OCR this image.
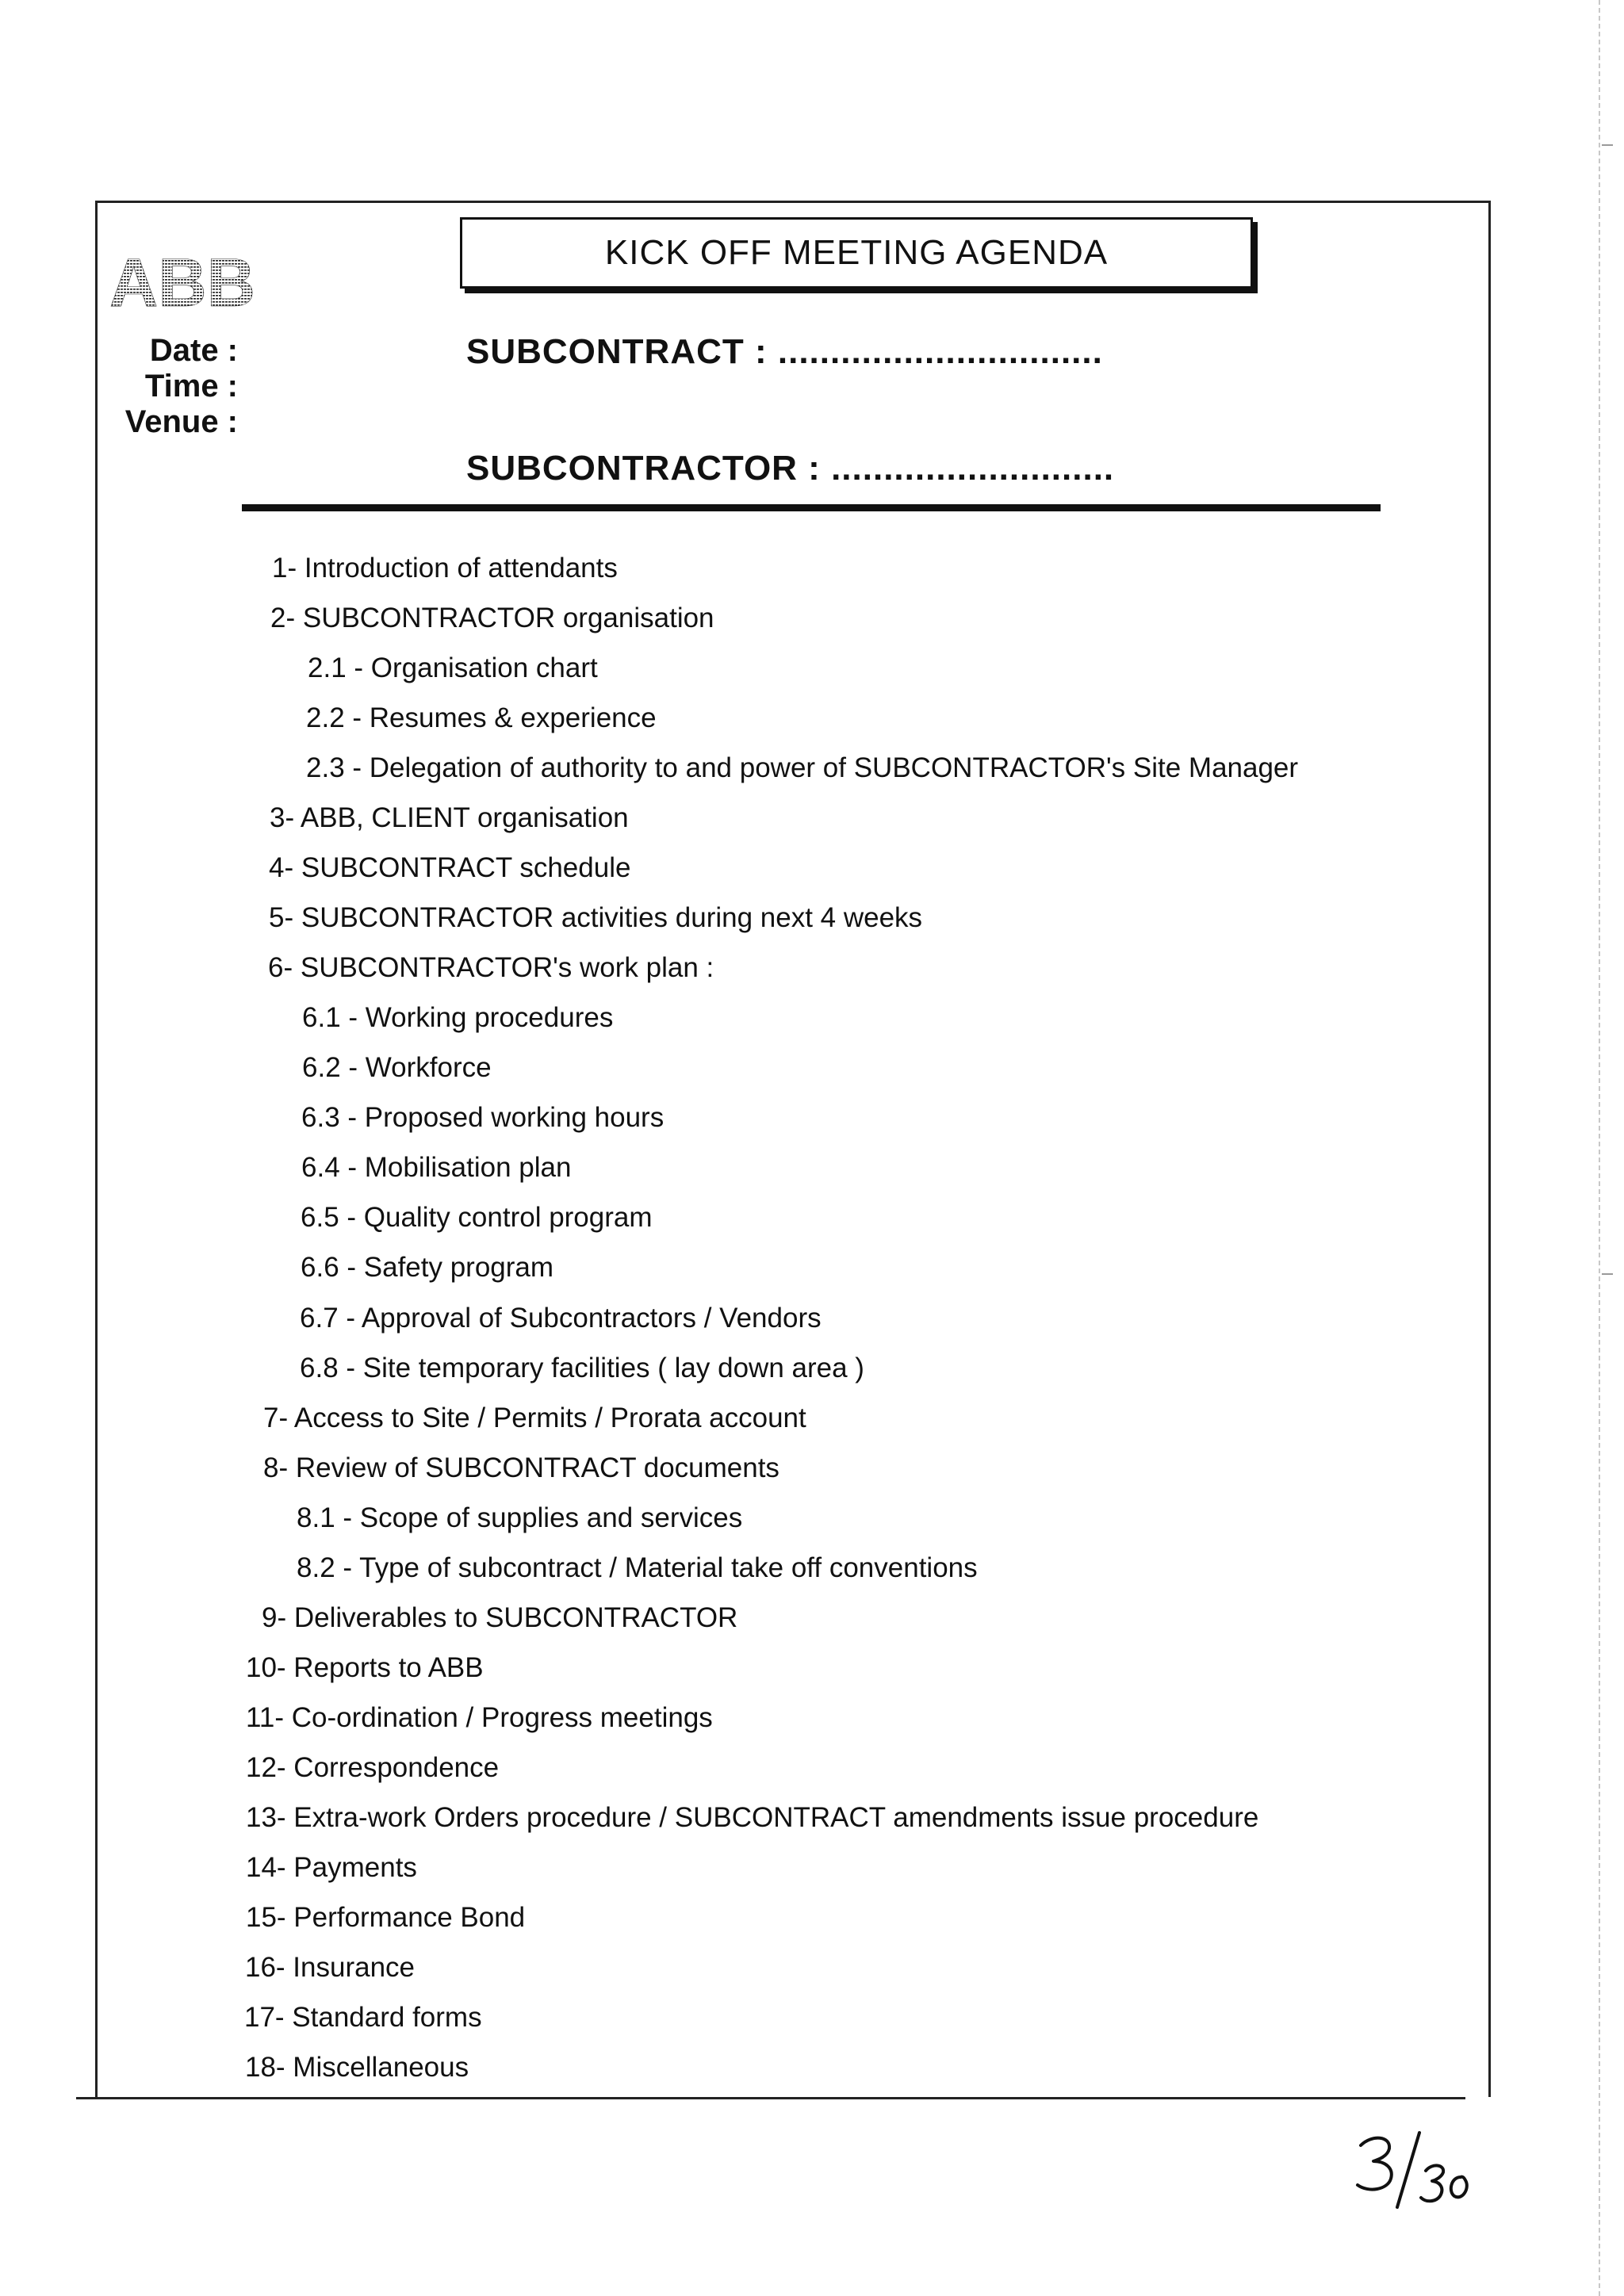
ABB
Date :
Time :
Venue :
KICK OFF MEETING AGENDA
SUBCONTRACT : ...............................
SUBCONTRACTOR : ...........................
1- Introduction of attendants
2- SUBCONTRACTOR organisation
2.1 - Organisation chart
2.2 - Resumes & experience
2.3 - Delegation of authority to and power of SUBCONTRACTOR's Site Manager
3- ABB, CLIENT organisation
4- SUBCONTRACT schedule
5- SUBCONTRACTOR activities during next 4 weeks
6- SUBCONTRACTOR's work plan :
6.1 - Working procedures
6.2 - Workforce
6.3 - Proposed working hours
6.4 - Mobilisation plan
6.5 - Quality control program
6.6 - Safety program
6.7 - Approval of Subcontractors / Vendors
6.8 - Site temporary facilities ( lay down area )
7- Access to Site / Permits / Prorata account
8- Review of SUBCONTRACT documents
8.1 - Scope of supplies and services
8.2 - Type of subcontract / Material take off conventions
9- Deliverables to SUBCONTRACTOR
10- Reports to ABB
11- Co-ordination / Progress meetings
12- Correspondence
13- Extra-work Orders procedure / SUBCONTRACT amendments issue procedure
14- Payments
15- Performance Bond
16- Insurance
17- Standard forms
18- Miscellaneous
3/30
